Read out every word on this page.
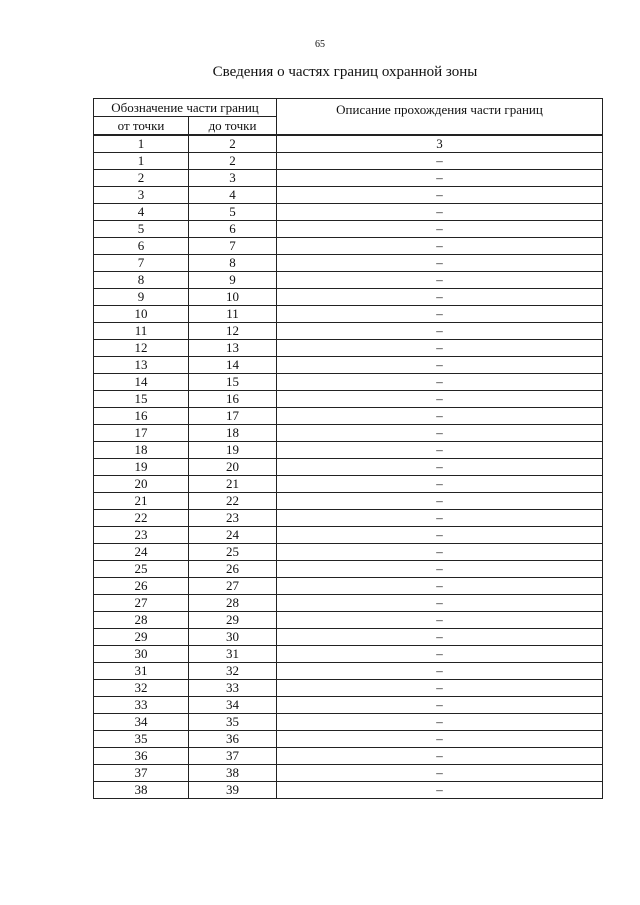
65
Сведения о частях границ охранной зоны
Обозначение части границ		Описание прохождения части границ
от точки	до точки	
1	2	3
1	2	–
2	3	–
3	4	–
4	5	–
5	6	–
6	7	–
7	8	–
8	9	–
9	10	–
10	11	–
11	12	–
12	13	–
13	14	–
14	15	–
15	16	–
16	17	–
17	18	–
18	19	–
19	20	–
20	21	–
21	22	–
22	23	–
23	24	–
24	25	–
25	26	–
26	27	–
27	28	–
28	29	–
29	30	–
30	31	–
31	32	–
32	33	–
33	34	–
34	35	–
35	36	–
36	37	–
37	38	–
38	39	–
